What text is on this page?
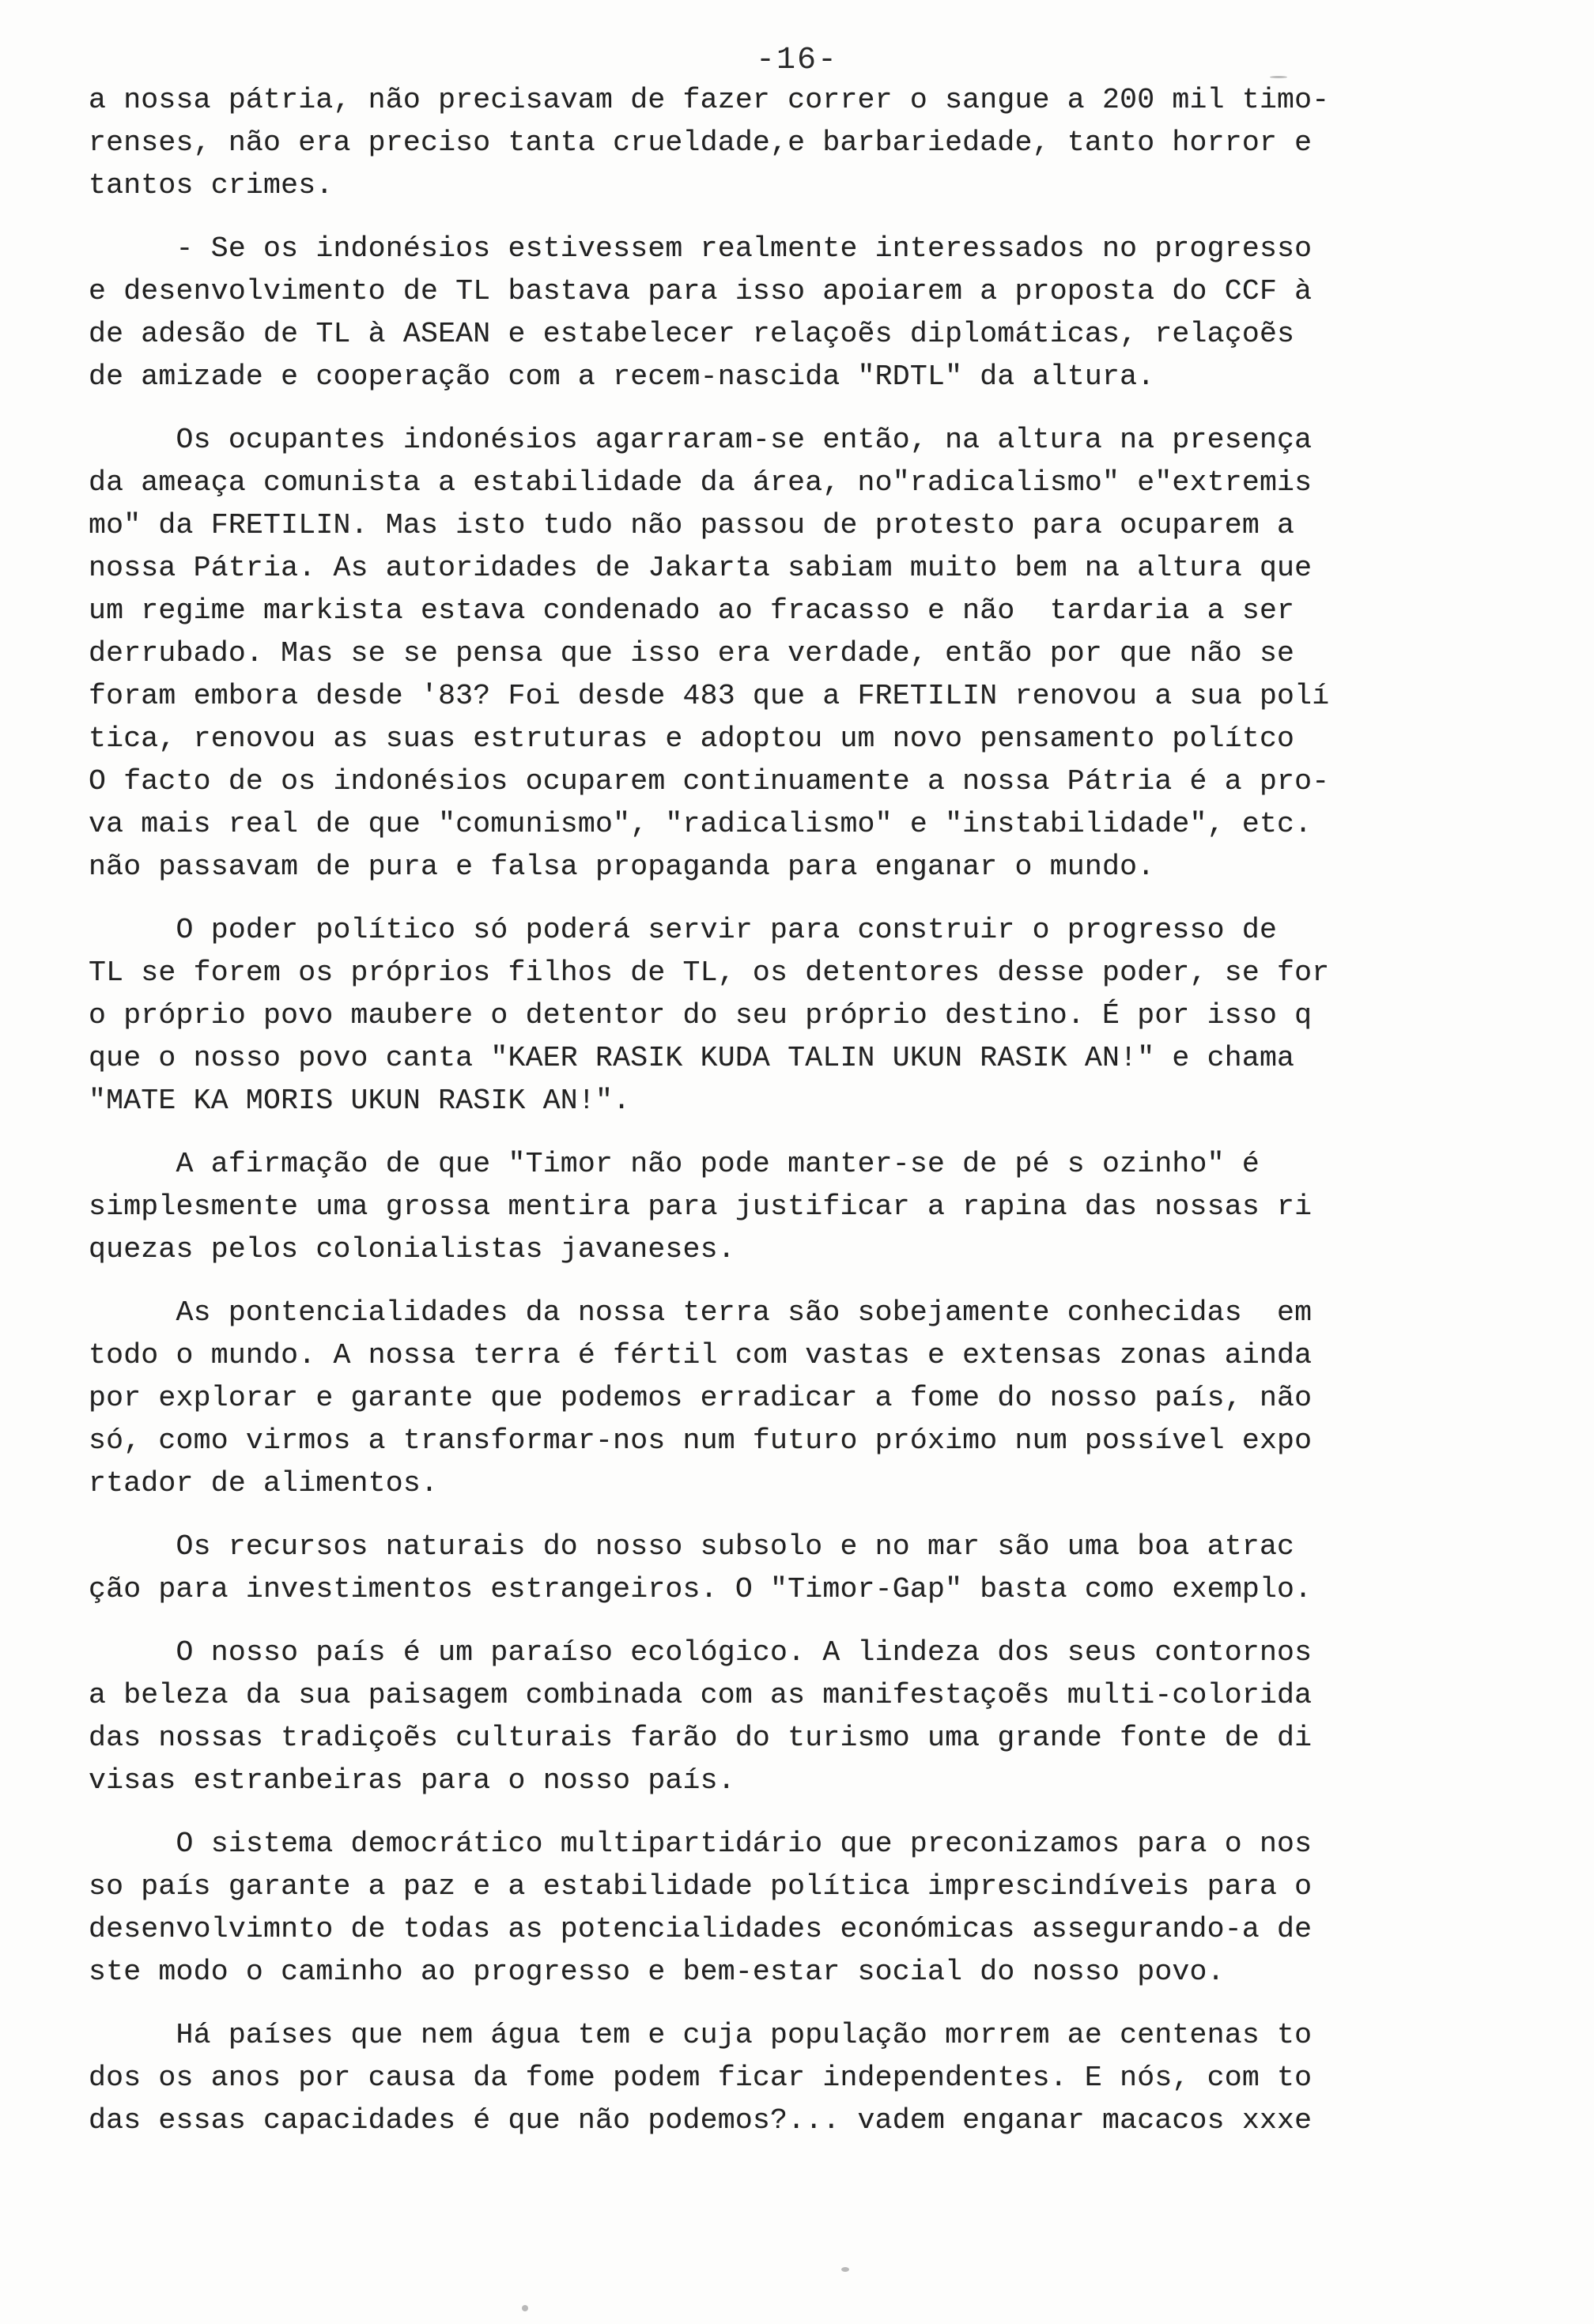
-16-
a nossa pátria, não precisavam de fazer correr o sangue a 200 mil timo-
renses, não era preciso tanta crueldade,e barbariedade, tanto horror e
tantos crimes.
- Se os indonésios estivessem realmente interessados no progresso
e desenvolvimento de TL bastava para isso apoiarem a proposta do CCF à
de adesão de TL à ASEAN e estabelecer relaçoẽs diplomáticas, relaçoẽs
de amizade e cooperação com a recem-nascida "RDTL" da altura.
Os ocupantes indonésios agarraram-se então, na altura na presença
da ameaça comunista a estabilidade da área, no"radicalismo" e"extremis
mo" da FRETILIN. Mas isto tudo não passou de protesto para ocuparem a
nossa Pátria. As autoridades de Jakarta sabiam muito bem na altura que
um regime markista estava condenado ao fracasso e não  tardaria a ser
derrubado. Mas se se pensa que isso era verdade, então por que não se
foram embora desde '83? Foi desde 483 que a FRETILIN renovou a sua polí
tica, renovou as suas estruturas e adoptou um novo pensamento polítco
O facto de os indonésios ocuparem continuamente a nossa Pátria é a pro-
va mais real de que "comunismo", "radicalismo" e "instabilidade", etc.
não passavam de pura e falsa propaganda para enganar o mundo.
O poder político só poderá servir para construir o progresso de
TL se forem os próprios filhos de TL, os detentores desse poder, se for
o próprio povo maubere o detentor do seu próprio destino. É por isso q
que o nosso povo canta "KAER RASIK KUDA TALIN UKUN RASIK AN!" e chama
"MATE KA MORIS UKUN RASIK AN!".
A afirmação de que "Timor não pode manter-se de pé s ozinho" é
simplesmente uma grossa mentira para justificar a rapina das nossas ri
quezas pelos colonialistas javaneses.
As pontencialidades da nossa terra são sobejamente conhecidas  em
todo o mundo. A nossa terra é fértil com vastas e extensas zonas ainda
por explorar e garante que podemos erradicar a fome do nosso país, não
só, como virmos a transformar-nos num futuro próximo num possível expo
rtador de alimentos.
Os recursos naturais do nosso subsolo e no mar são uma boa atrac
ção para investimentos estrangeiros. O "Timor-Gap" basta como exemplo.
O nosso país é um paraíso ecológico. A lindeza dos seus contornos
a beleza da sua paisagem combinada com as manifestaçoẽs multi-colorida
das nossas tradiçoẽs culturais farão do turismo uma grande fonte de di
visas estranbeiras para o nosso país.
O sistema democrático multipartidário que preconizamos para o nos
so país garante a paz e a estabilidade política imprescindíveis para o
desenvolvimnto de todas as potencialidades económicas assegurando-a de
ste modo o caminho ao progresso e bem-estar social do nosso povo.
Há países que nem água tem e cuja população morrem ae centenas to
dos os anos por causa da fome podem ficar independentes. E nós, com to
das essas capacidades é que não podemos?... vadem enganar macacos xxxe
